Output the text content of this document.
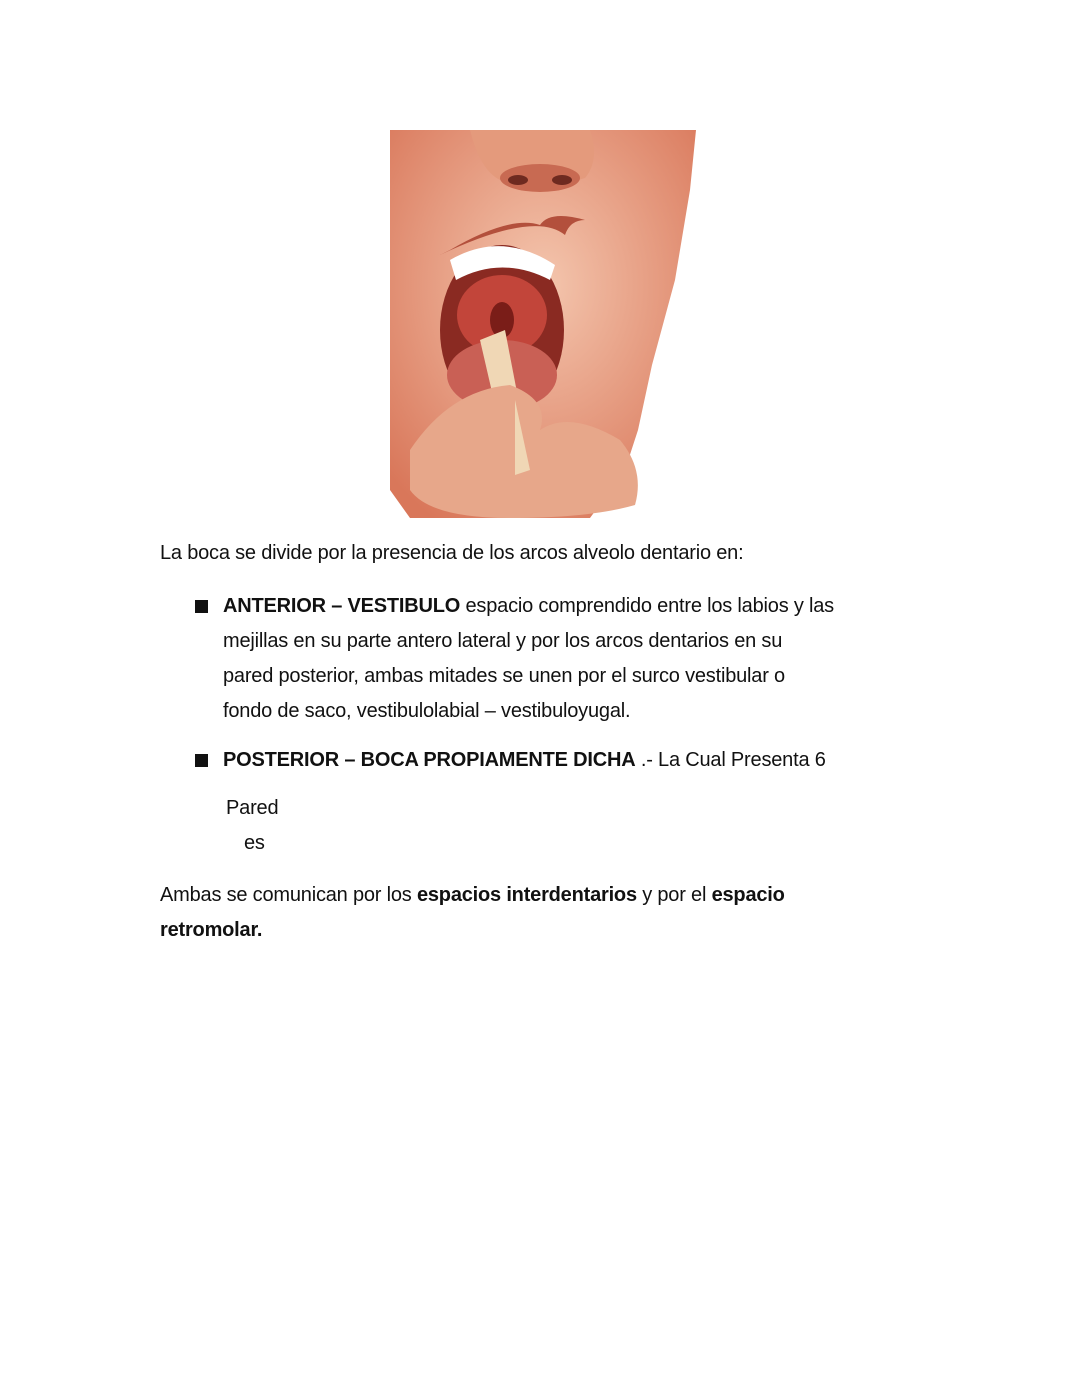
La boca se divide por la presencia de los arcos alveolo dentario en:
ANTERIOR – VESTIBULO espacio comprendido entre los labios y las
mejillas en su parte antero lateral y por los arcos dentarios en su
pared posterior, ambas mitades se unen por el surco vestibular o
fondo de saco, vestibulolabial – vestibuloyugal.
POSTERIOR – BOCA PROPIAMENTE DICHA .- La Cual Presenta 6
Pared
es
Ambas se comunican por los espacios interdentarios y por el espacio
retromolar.
